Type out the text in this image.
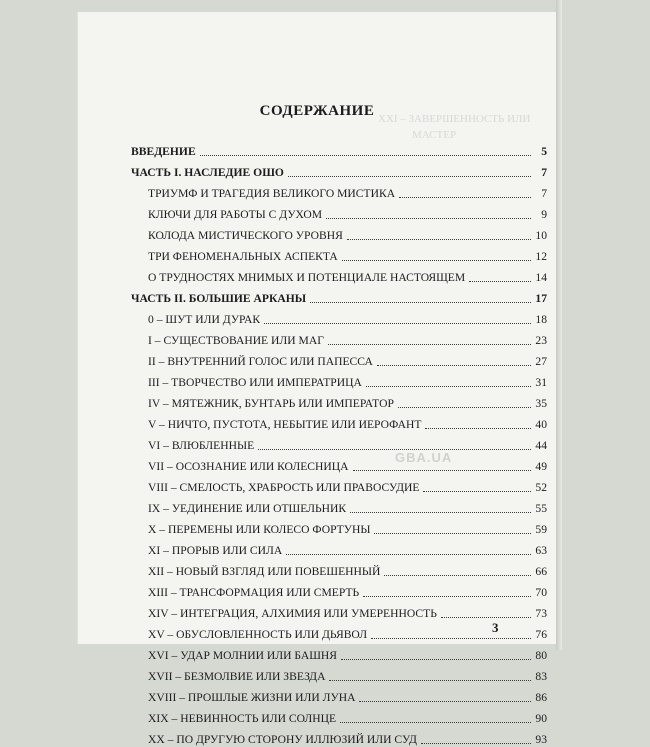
XXI – ЗАВЕРШЕННОСТЬ ИЛИ
МАСТЕР
СОДЕРЖАНИЕ
ВВЕДЕНИЕ	5
ЧАСТЬ I. НАСЛЕДИЕ ОШО	7
ТРИУМФ И ТРАГЕДИЯ ВЕЛИКОГО МИСТИКА	7
КЛЮЧИ ДЛЯ РАБОТЫ С ДУХОМ	9
КОЛОДА МИСТИЧЕСКОГО УРОВНЯ	10
ТРИ ФЕНОМЕНАЛЬНЫХ АСПЕКТА	12
О ТРУДНОСТЯХ МНИМЫХ И ПОТЕНЦИАЛЕ НАСТОЯЩЕМ	14
ЧАСТЬ II. БОЛЬШИЕ АРКАНЫ	17
0 – ШУТ ИЛИ ДУРАК	18
I – СУЩЕСТВОВАНИЕ ИЛИ МАГ	23
II – ВНУТРЕННИЙ ГОЛОС ИЛИ ПАПЕССА	27
III – ТВОРЧЕСТВО ИЛИ ИМПЕРАТРИЦА	31
IV – МЯТЕЖНИК, БУНТАРЬ ИЛИ ИМПЕРАТОР	35
V – НИЧТО, ПУСТОТА, НЕБЫТИЕ ИЛИ ИЕРОФАНТ	40
VI – ВЛЮБЛЕННЫЕ	44
VII – ОСОЗНАНИЕ ИЛИ КОЛЕСНИЦА	49
VIII – СМЕЛОСТЬ, ХРАБРОСТЬ ИЛИ ПРАВОСУДИЕ	52
IX – УЕДИНЕНИЕ ИЛИ ОТШЕЛЬНИК	55
X – ПЕРЕМЕНЫ ИЛИ КОЛЕСО ФОРТУНЫ	59
XI – ПРОРЫВ ИЛИ СИЛА	63
XII – НОВЫЙ ВЗГЛЯД ИЛИ ПОВЕШЕННЫЙ	66
XIII – ТРАНСФОРМАЦИЯ ИЛИ СМЕРТЬ	70
XIV – ИНТЕГРАЦИЯ, АЛХИМИЯ ИЛИ УМЕРЕННОСТЬ	73
XV – ОБУСЛОВЛЕННОСТЬ ИЛИ ДЬЯВОЛ	76
XVI – УДАР МОЛНИИ ИЛИ БАШНЯ	80
XVII – БЕЗМОЛВИЕ ИЛИ ЗВЕЗДА	83
XVIII – ПРОШЛЫЕ ЖИЗНИ ИЛИ ЛУНА	86
XIX – НЕВИННОСТЬ ИЛИ СОЛНЦЕ	90
XX – ПО ДРУГУЮ СТОРОНУ ИЛЛЮЗИЙ ИЛИ СУД	93
GBA.UA
3
